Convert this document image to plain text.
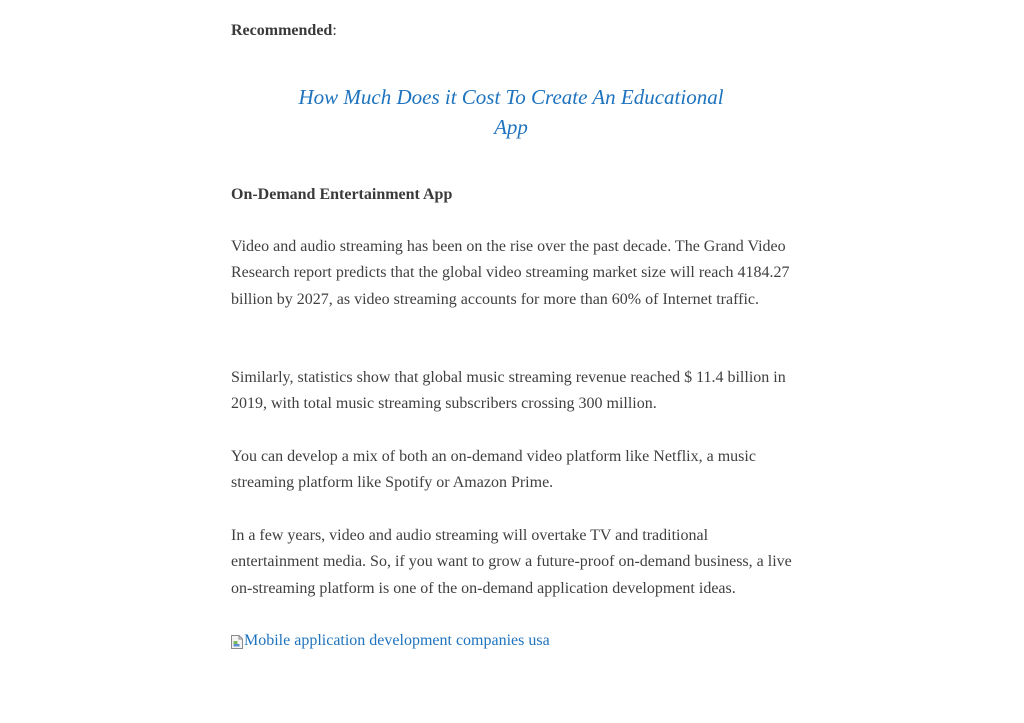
Recommended:
How Much Does it Cost To Create An Educational App
On-Demand Entertainment App

Video and audio streaming has been on the rise over the past decade. The Grand Video Research report predicts that the global video streaming market size will reach 4184.27 billion by 2027, as video streaming accounts for more than 60% of Internet traffic.

Similarly, statistics show that global music streaming revenue reached $ 11.4 billion in 2019, with total music streaming subscribers crossing 300 million.

You can develop a mix of both an on-demand video platform like Netflix, a music streaming platform like Spotify or Amazon Prime.

In a few years, video and audio streaming will overtake TV and traditional entertainment media. So, if you want to grow a future-proof on-demand business, a live on-streaming platform is one of the on-demand application development ideas.

Mobile application development companies usa
